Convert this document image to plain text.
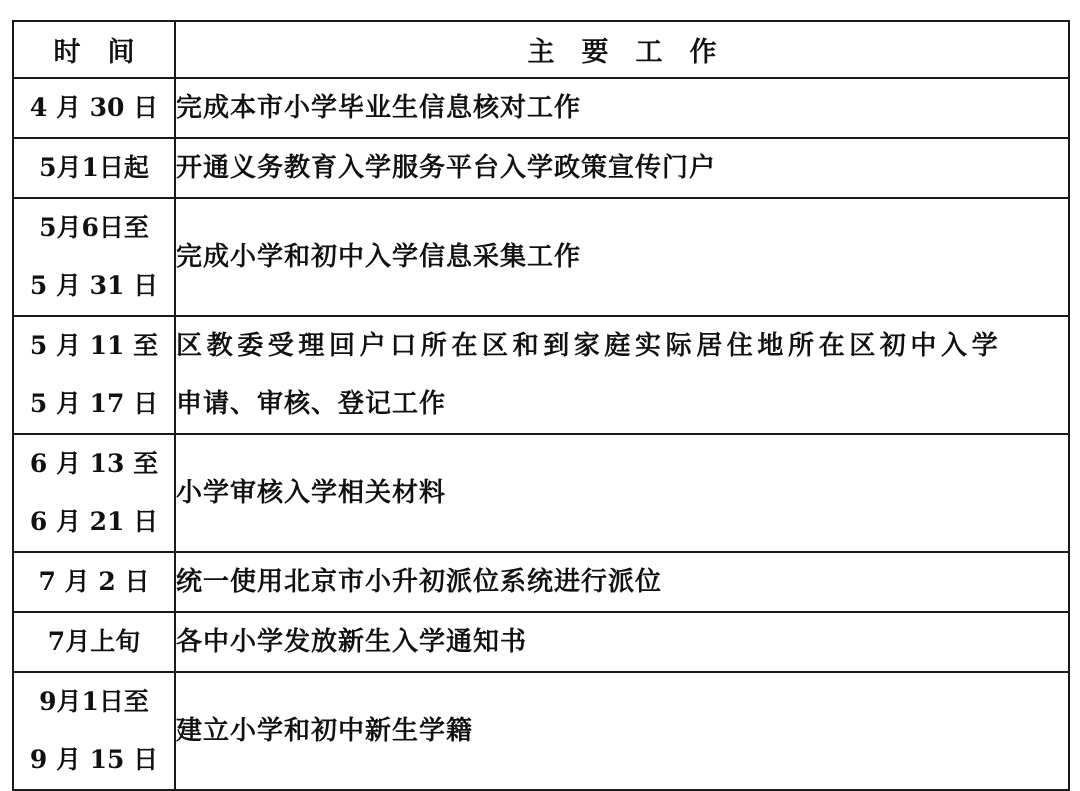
时　间	主　要　工　作

4 月 30 日	完成本市小学毕业生信息核对工作

5月1日起	开通义务教育入学服务平台入学政策宣传门户

5月6日至
5 月 31 日	完成小学和初中入学信息采集工作

5 月 11 至
5 月 17 日	区教委受理回户口所在区和到家庭实际居住地所在区初中入学
申请、审核、登记工作

6 月 13 至
6 月 21 日	小学审核入学相关材料

7 月 2 日	统一使用北京市小升初派位系统进行派位

7月上旬	各中小学发放新生入学通知书

9月1日至
9 月 15 日	建立小学和初中新生学籍
